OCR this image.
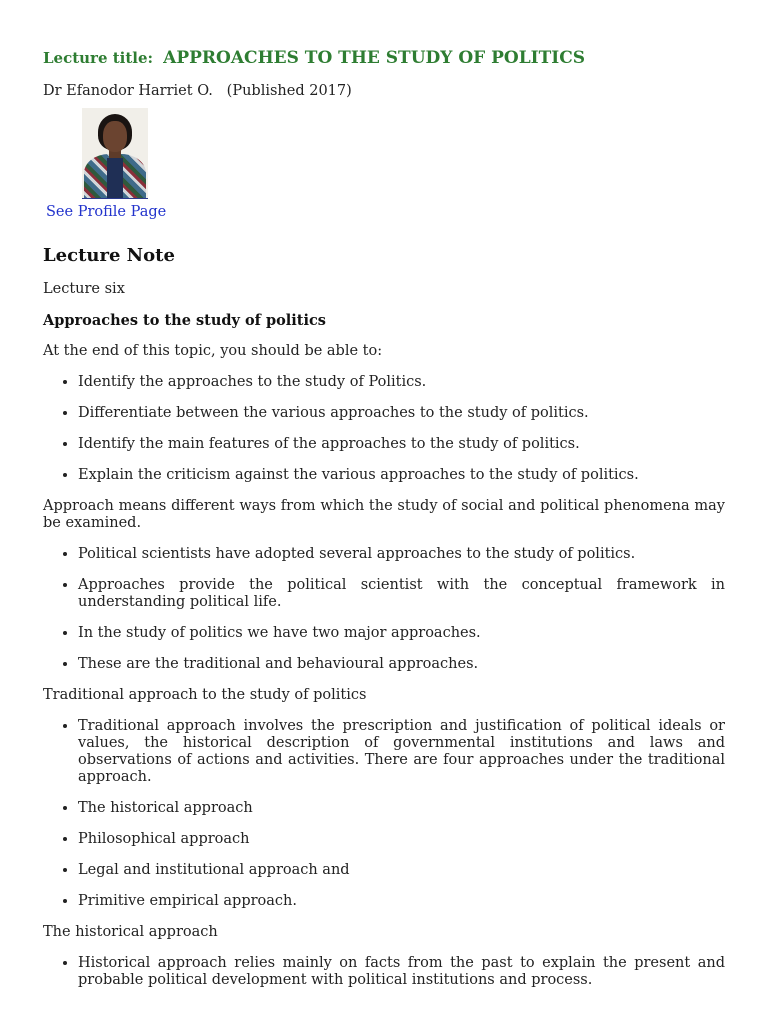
Lecture title: APPROACHES TO THE STUDY OF POLITICS

Dr Efanodor Harriet O. (Published 2017)

See Profile Page
Lecture Note

Lecture six

Approaches to the study of politics

At the end of this topic, you should be able to:

• Identify the approaches to the study of Politics.
• Differentiate between the various approaches to the study of politics.
• Identify the main features of the approaches to the study of politics.
• Explain the criticism against the various approaches to the study of politics.

Approach means different ways from which the study of social and political phenomena may be examined.

• Political scientists have adopted several approaches to the study of politics.
• Approaches provide the political scientist with the conceptual framework in understanding political life.
• In the study of politics we have two major approaches.
• These are the traditional and behavioural approaches.

Traditional approach to the study of politics

• Traditional approach involves the prescription and justification of political ideals or values, the historical description of governmental institutions and laws and observations of actions and activities. There are four approaches under the traditional approach.
• The historical approach
• Philosophical approach
• Legal and institutional approach and
• Primitive empirical approach.

The historical approach

• Historical approach relies mainly on facts from the past to explain the present and probable political development with political institutions and process.
